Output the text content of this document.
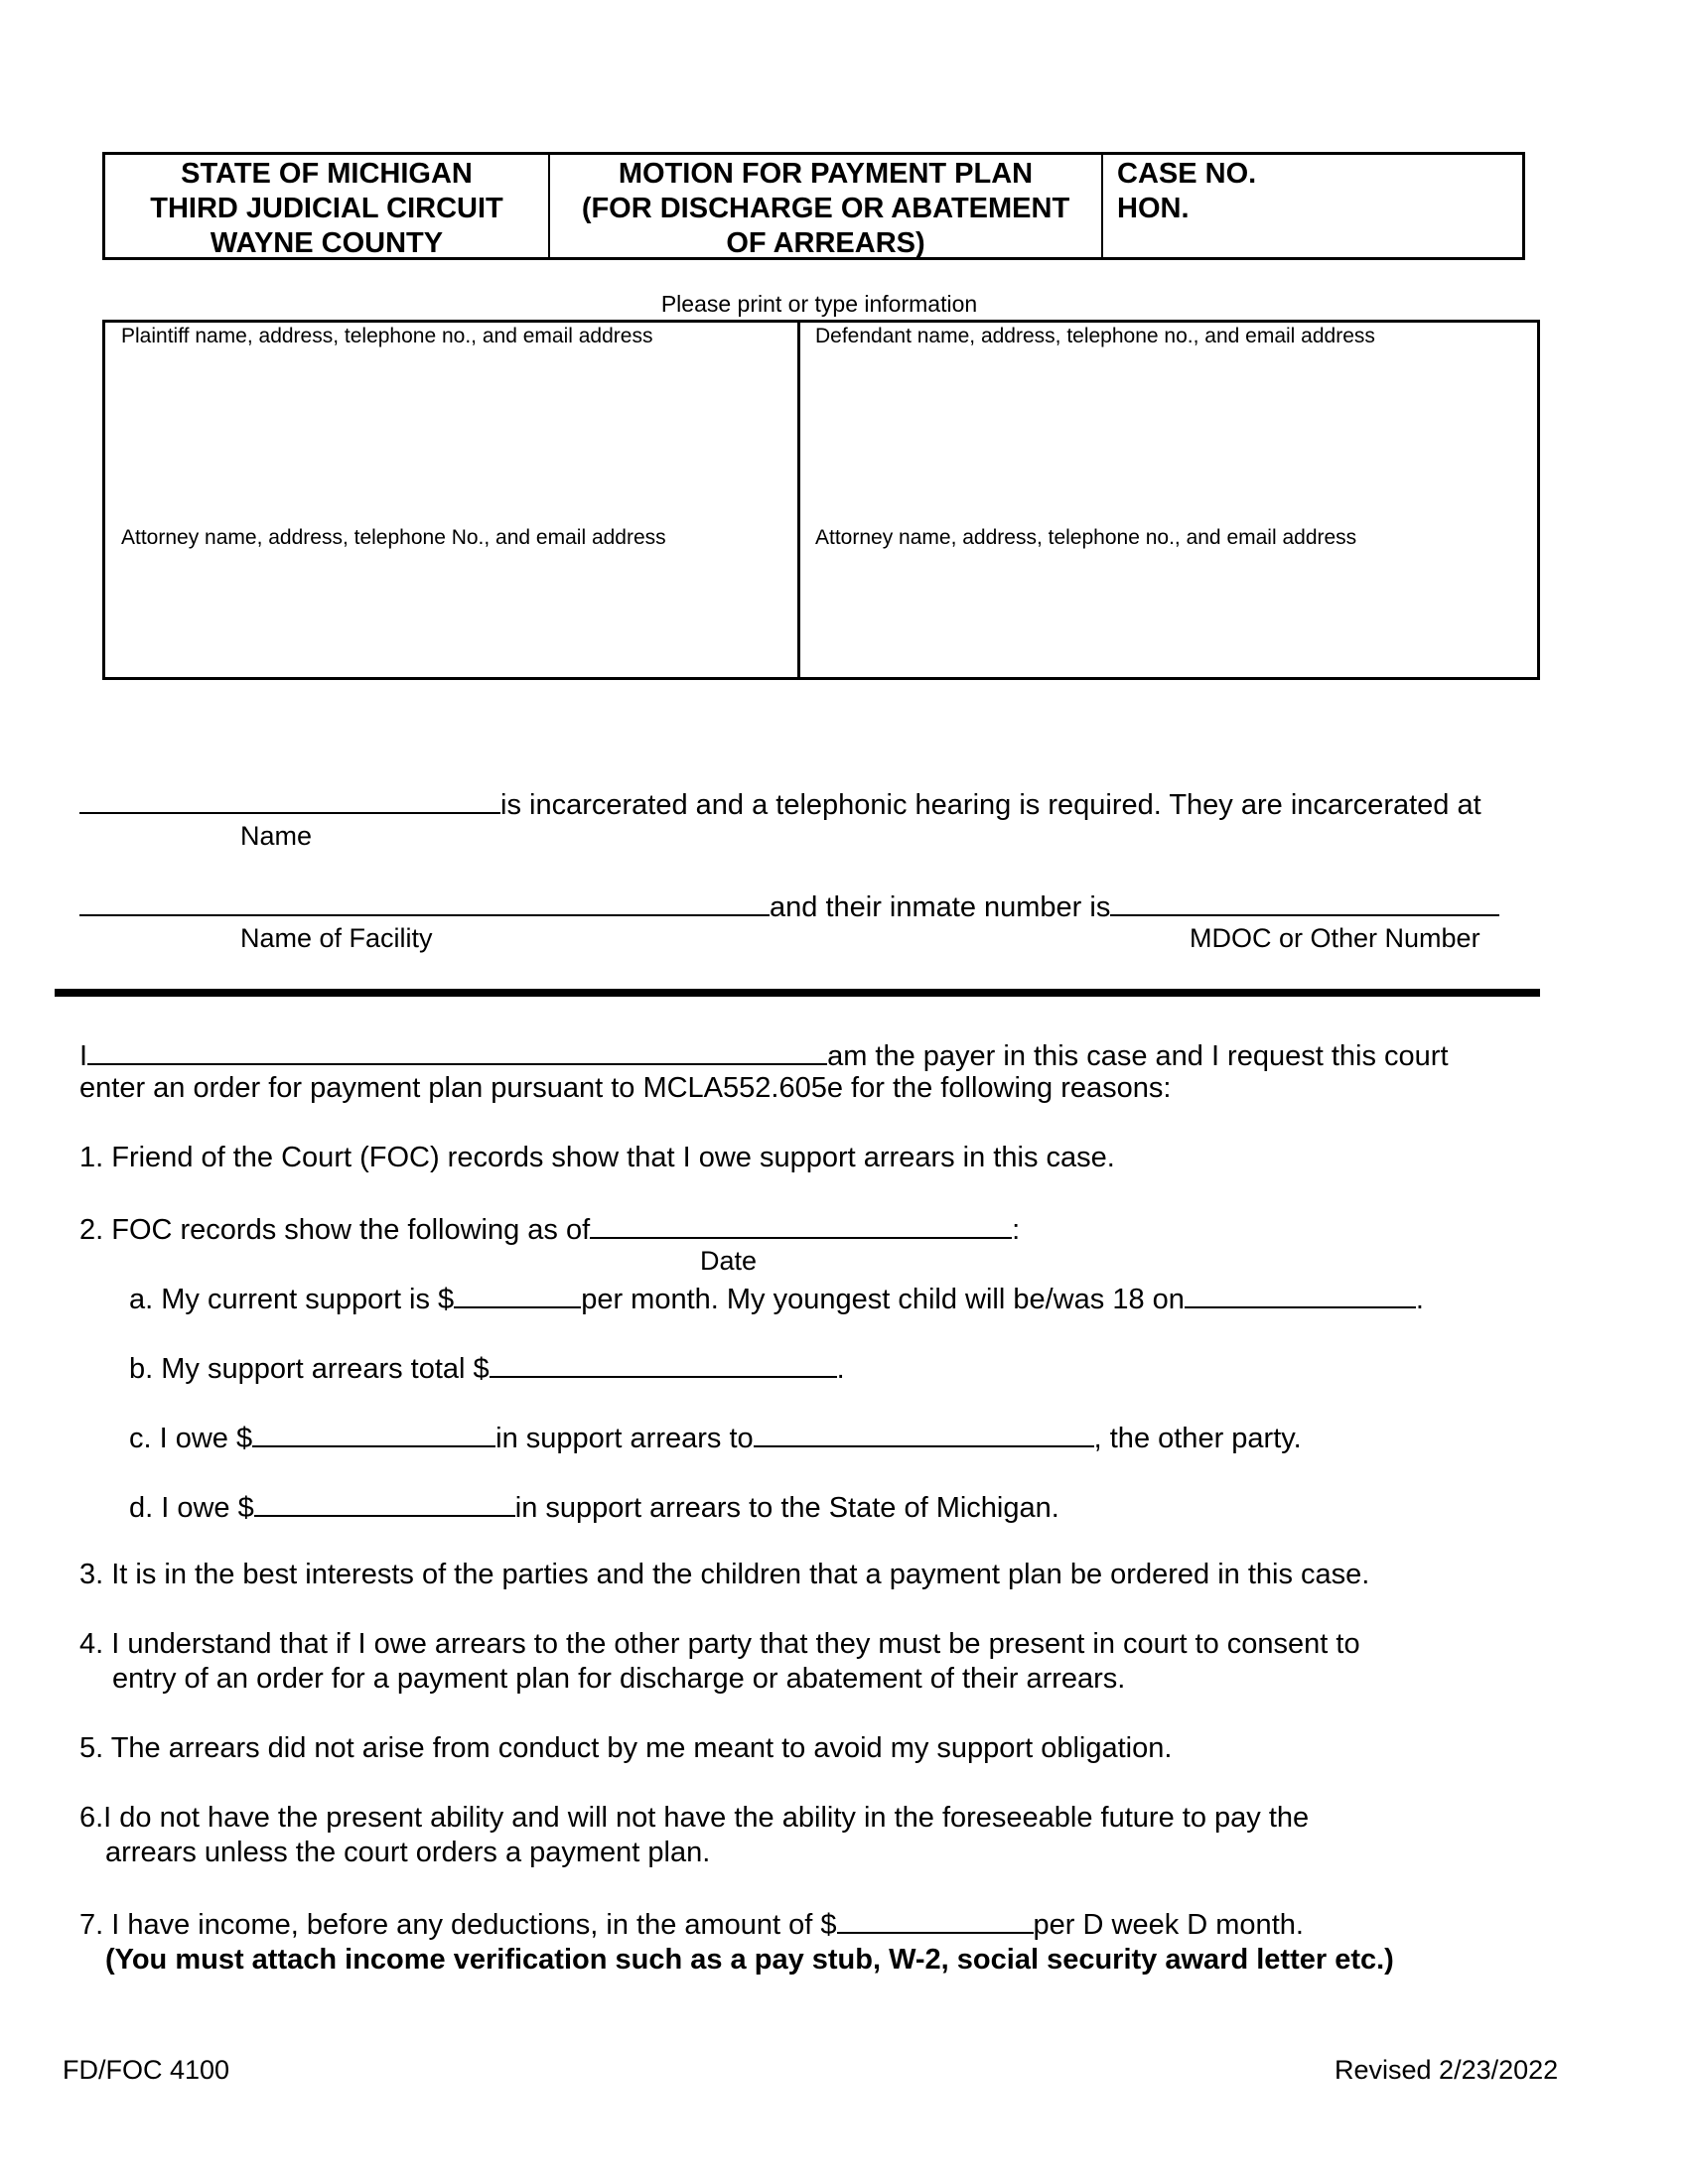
STATE OF MICHIGAN
THIRD JUDICIAL CIRCUIT
WAYNE COUNTY
MOTION FOR PAYMENT PLAN
(FOR DISCHARGE OR ABATEMENT
OF ARREARS)
CASE NO.
HON.
Please print or type information
Plaintiff name, address, telephone no., and email address	Defendant name, address, telephone no., and email address
Attorney name, address, telephone No., and email address	Attorney name, address, telephone no., and email address
is incarcerated and a telephonic hearing is required. They are incarcerated at
Name
and their inmate number is
Name of Facility	MDOC or Other Number
I	am the payer in this case and I request this court
enter an order for payment plan pursuant to MCLA552.605e for the following reasons:
1. Friend of the Court (FOC) records show that I owe support arrears in this case.
2. FOC records show the following as of	:
Date
a. My current support is $	per month. My youngest child will be/was 18 on	.
b. My support arrears total $	.
c. I owe $	in support arrears to	, the other party.
d. I owe $	in support arrears to the State of Michigan.
3. It is in the best interests of the parties and the children that a payment plan be ordered in this case.
4. I understand that if I owe arrears to the other party that they must be present in court to consent to
entry of an order for a payment plan for discharge or abatement of their arrears.
5. The arrears did not arise from conduct by me meant to avoid my support obligation.
6.I do not have the present ability and will not have the ability in the foreseeable future to pay the
arrears unless the court orders a payment plan.
7. I have income, before any deductions, in the amount of $	per D week D month.
(You must attach income verification such as a pay stub, W-2, social security award letter etc.)
FD/FOC 4100	Revised 2/23/2022
